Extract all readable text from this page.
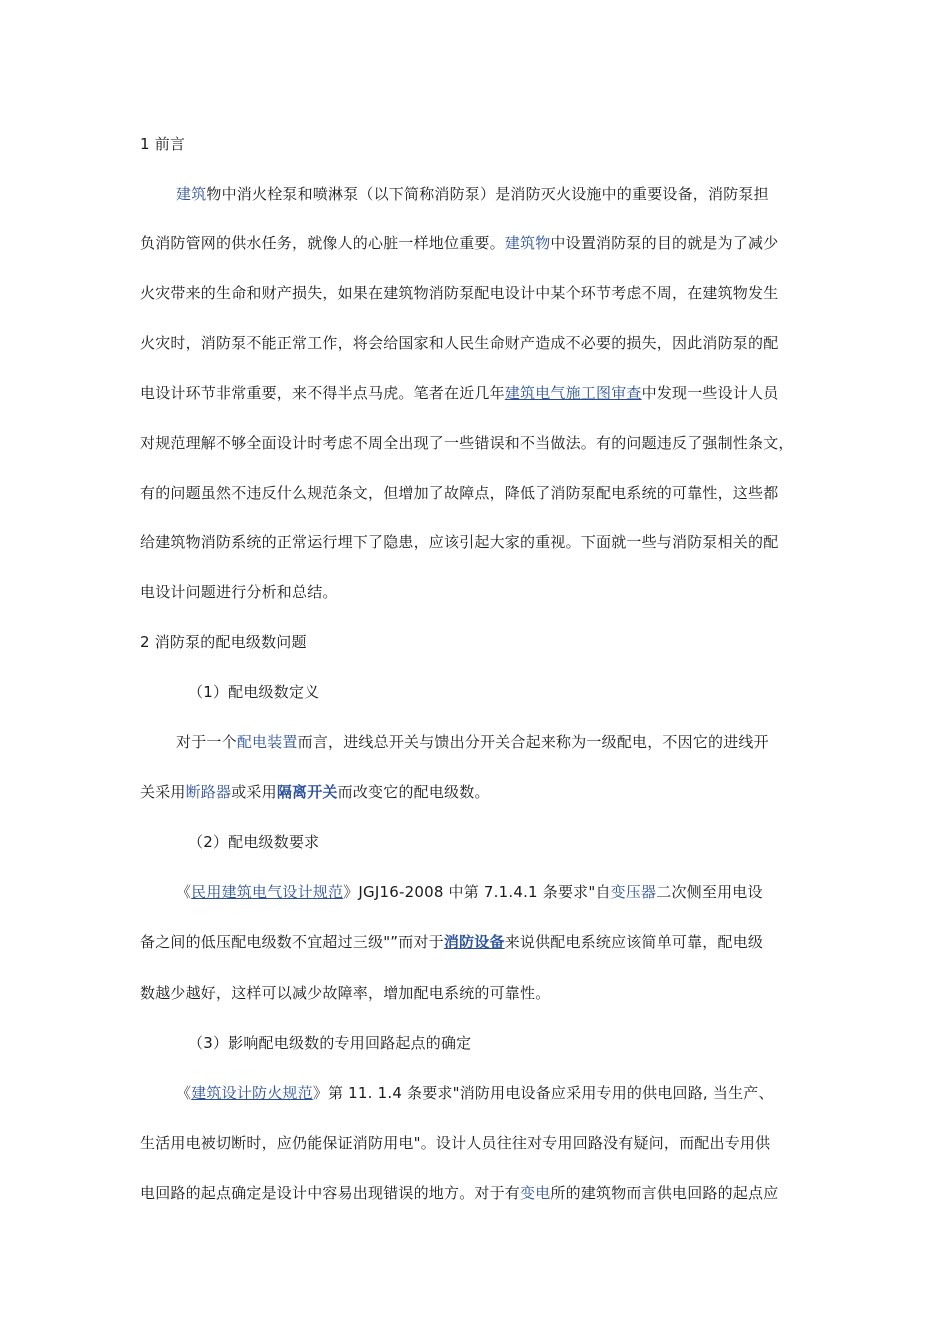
1 前言
建筑物中消火栓泵和喷淋泵（以下简称消防泵）是消防灭火设施中的重要设备，消防泵担
负消防管网的供水任务，就像人的心脏一样地位重要。建筑物中设置消防泵的目的就是为了减少
火灾带来的生命和财产损失，如果在建筑物消防泵配电设计中某个环节考虑不周，在建筑物发生
火灾时，消防泵不能正常工作，将会给国家和人民生命财产造成不必要的损失，因此消防泵的配
电设计环节非常重要，来不得半点马虎。笔者在近几年建筑电气施工图审查中发现一些设计人员
对规范理解不够全面设计时考虑不周全出现了一些错误和不当做法。有的问题违反了强制性条文，
有的问题虽然不违反什么规范条文，但增加了故障点，降低了消防泵配电系统的可靠性，这些都
给建筑物消防系统的正常运行埋下了隐患，应该引起大家的重视。下面就一些与消防泵相关的配
电设计问题进行分析和总结。
2 消防泵的配电级数问题
（1）配电级数定义
对于一个配电装置而言，进线总开关与馈出分开关合起来称为一级配电，不因它的进线开
关采用断路器或采用隔离开关而改变它的配电级数。
（2）配电级数要求
《民用建筑电气设计规范》JGJ16-2008 中第 7.1.4.1 条要求"自变压器二次侧至用电设
备之间的低压配电级数不宜超过三级"”而对于消防设备来说供配电系统应该简单可靠，配电级
数越少越好，这样可以减少故障率，增加配电系统的可靠性。
（3）影响配电级数的专用回路起点的确定
《建筑设计防火规范》第 11. 1.4 条要求"消防用电设备应采用专用的供电回路, 当生产、
生活用电被切断时，应仍能保证消防用电"。设计人员往往对专用回路没有疑问，而配出专用供
电回路的起点确定是设计中容易出现错误的地方。对于有变电所的建筑物而言供电回路的起点应
